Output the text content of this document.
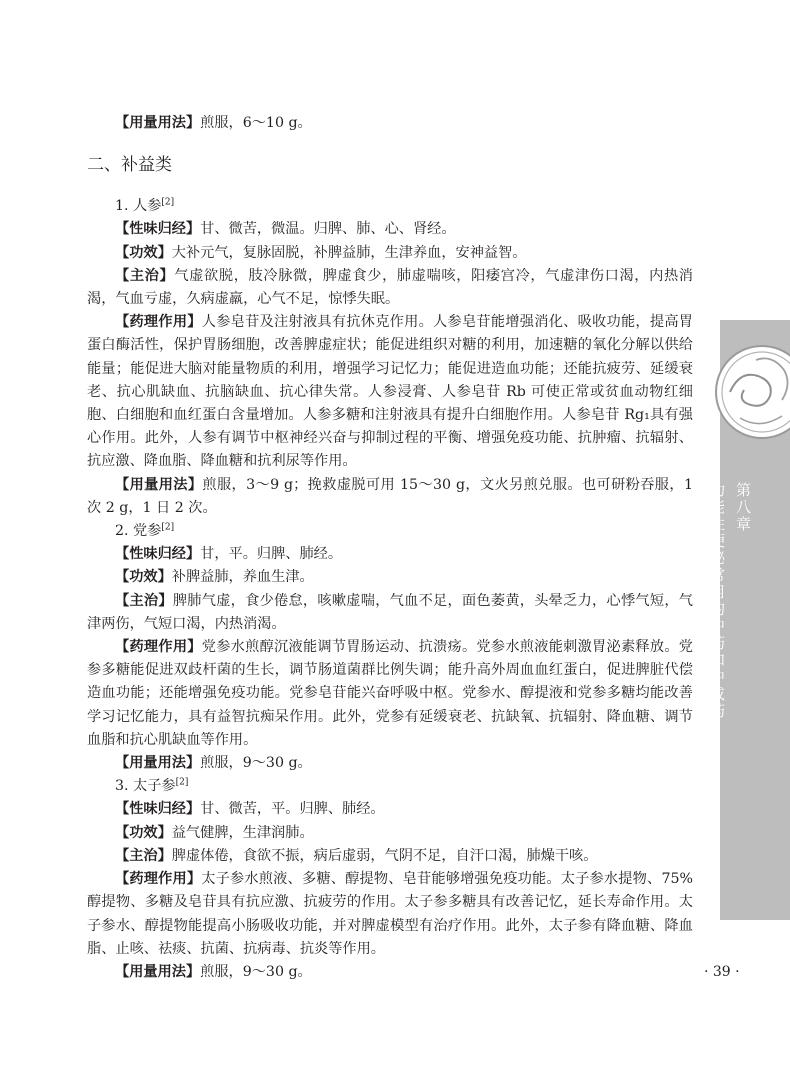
第八章
功能性便秘常用的中药和中成药

【用量用法】煎服，6～10 g。

二、补益类

1. 人参[2]

【性味归经】甘、微苦，微温。归脾、肺、心、肾经。

【功效】大补元气，复脉固脱，补脾益肺，生津养血，安神益智。

【主治】气虚欲脱，肢冷脉微，脾虚食少，肺虚喘咳，阳痿宫冷，气虚津伤口渴，内热消渴，气血亏虚，久病虚羸，心气不足，惊悸失眠。

【药理作用】人参皂苷及注射液具有抗休克作用。人参皂苷能增强消化、吸收功能，提高胃蛋白酶活性，保护胃肠细胞，改善脾虚症状；能促进组织对糖的利用，加速糖的氧化分解以供给能量；能促进大脑对能量物质的利用，增强学习记忆力；能促进造血功能；还能抗疲劳、延缓衰老、抗心肌缺血、抗脑缺血、抗心律失常。人参浸膏、人参皂苷 Rb 可使正常或贫血动物红细胞、白细胞和血红蛋白含量增加。人参多糖和注射液具有提升白细胞作用。人参皂苷 Rg₁具有强心作用。此外，人参有调节中枢神经兴奋与抑制过程的平衡、增强免疫功能、抗肿瘤、抗辐射、抗应激、降血脂、降血糖和抗利尿等作用。

【用量用法】煎服，3～9 g；挽救虚脱可用 15～30 g，文火另煎兑服。也可研粉吞服，1 次 2 g，1 日 2 次。

2. 党参[2]

【性味归经】甘，平。归脾、肺经。

【功效】补脾益肺，养血生津。

【主治】脾肺气虚，食少倦怠，咳嗽虚喘，气血不足，面色萎黄，头晕乏力，心悸气短，气津两伤，气短口渴，内热消渴。

【药理作用】党参水煎醇沉液能调节胃肠运动、抗溃疡。党参水煎液能刺激胃泌素释放。党参多糖能促进双歧杆菌的生长，调节肠道菌群比例失调；能升高外周血血红蛋白，促进脾脏代偿造血功能；还能增强免疫功能。党参皂苷能兴奋呼吸中枢。党参水、醇提液和党参多糖均能改善学习记忆能力，具有益智抗痴呆作用。此外，党参有延缓衰老、抗缺氧、抗辐射、降血糖、调节血脂和抗心肌缺血等作用。

【用量用法】煎服，9～30 g。

3. 太子参[2]

【性味归经】甘、微苦，平。归脾、肺经。

【功效】益气健脾，生津润肺。

【主治】脾虚体倦，食欲不振，病后虚弱，气阴不足，自汗口渴，肺燥干咳。

【药理作用】太子参水煎液、多糖、醇提物、皂苷能够增强免疫功能。太子参水提物、75%醇提物、多糖及皂苷具有抗应激、抗疲劳的作用。太子参多糖具有改善记忆，延长寿命作用。太子参水、醇提物能提高小肠吸收功能，并对脾虚模型有治疗作用。此外，太子参有降血糖、降血脂、止咳、祛痰、抗菌、抗病毒、抗炎等作用。

【用量用法】煎服，9～30 g。	· 39 ·
